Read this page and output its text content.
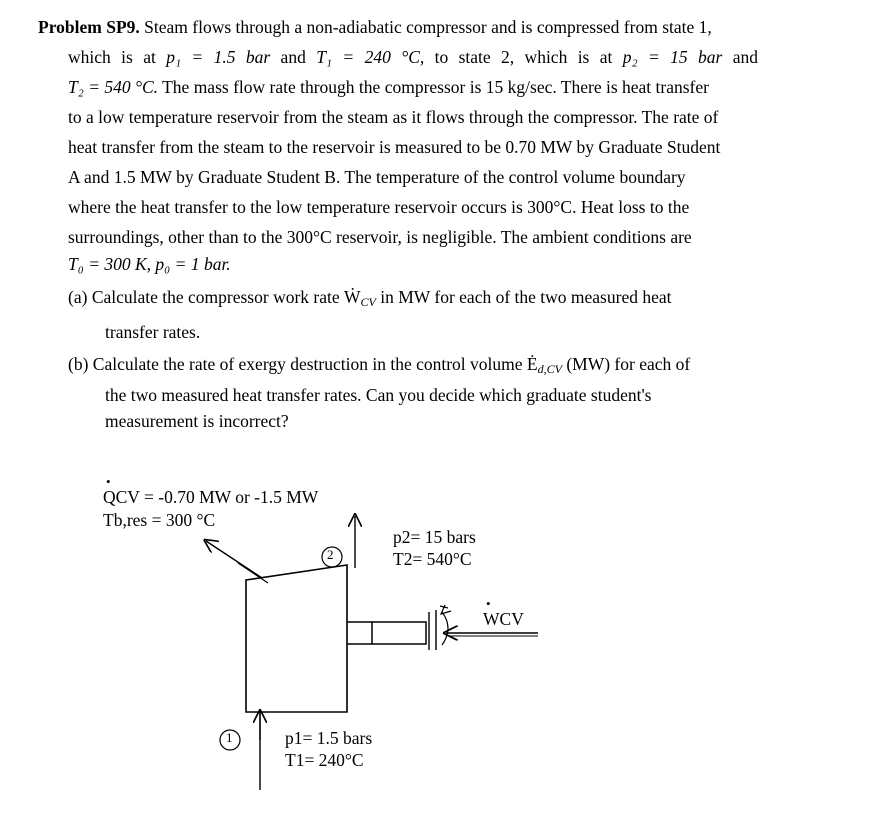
Problem SP9. Steam flows through a non-adiabatic compressor and is compressed from state 1,
which is at p₁ = 1.5 bar and T₁ = 240 °C, to state 2, which is at p₂ = 15 bar and
T₂ = 540 °C. The mass flow rate through the compressor is 15 kg/sec. There is heat transfer
to a low temperature reservoir from the steam as it flows through the compressor. The rate of
heat transfer from the steam to the reservoir is measured to be 0.70 MW by Graduate Student
A and 1.5 MW by Graduate Student B. The temperature of the control volume boundary
where the heat transfer to the low temperature reservoir occurs is 300°C. Heat loss to the
surroundings, other than to the 300°C reservoir, is negligible. The ambient conditions are
T₀ = 300 K, p₀ = 1 bar.
(a) Calculate the compressor work rate Ẇ$_{CV}$ in MW for each of the two measured heat
transfer rates.
(b) Calculate the rate of exergy destruction in the control volume $Ė_{d,CV}$ (MW) for each of
the two measured heat transfer rates. Can you decide which graduate student's
measurement is incorrect?
2
1
• QCV = -0.70 MW or -1.5 MW
Tb,res = 300 °C
p2= 15 bars
T2= 540°C
• WCV
p1= 1.5 bars
T1= 240°C
